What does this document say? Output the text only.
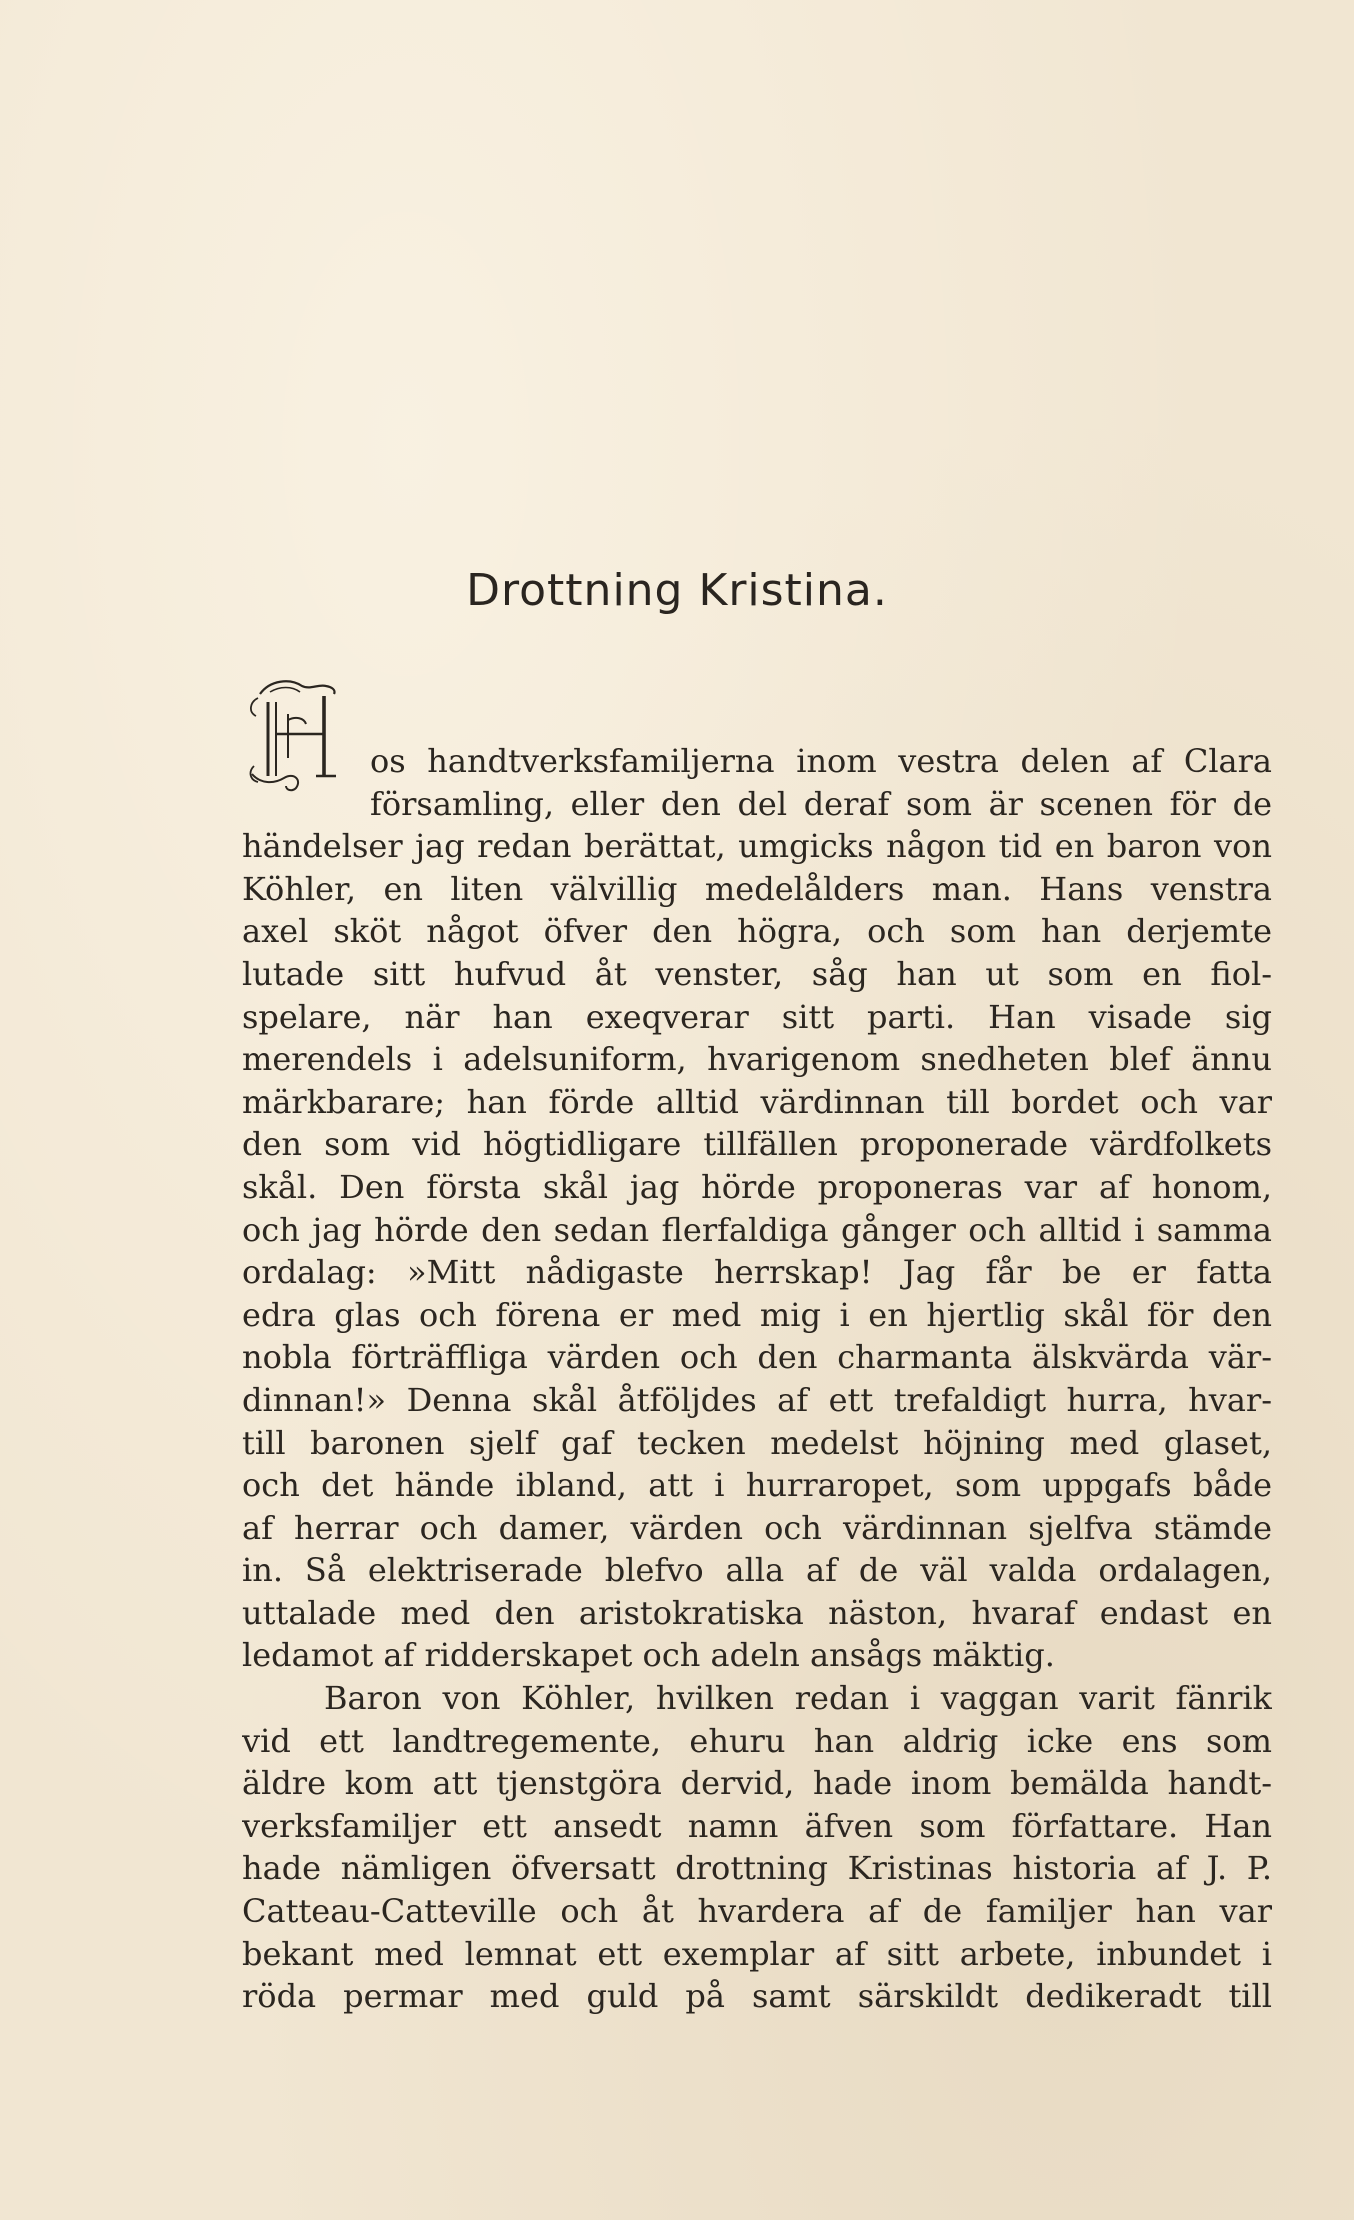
Drottning Kristina.
H
os handtverksfamiljerna inom vestra delen af Clara
församling, eller den del deraf som är scenen för de
händelser jag redan berättat, umgicks någon tid en baron von
Köhler, en liten välvillig medelålders man. Hans venstra
axel sköt något öfver den högra, och som han derjemte
lutade sitt hufvud åt venster, såg han ut som en fiol-
spelare, när han exeqverar sitt parti. Han visade sig
merendels i adelsuniform, hvarigenom snedheten blef ännu
märkbarare; han förde alltid värdinnan till bordet och var
den som vid högtidligare tillfällen proponerade värdfolkets
skål. Den första skål jag hörde proponeras var af honom,
och jag hörde den sedan flerfaldiga gånger och alltid i samma
ordalag: »Mitt nådigaste herrskap! Jag får be er fatta
edra glas och förena er med mig i en hjertlig skål för den
nobla förträffliga värden och den charmanta älskvärda vär-
dinnan!» Denna skål åtföljdes af ett trefaldigt hurra, hvar-
till baronen sjelf gaf tecken medelst höjning med glaset,
och det hände ibland, att i hurraropet, som uppgafs både
af herrar och damer, värden och värdinnan sjelfva stämde
in. Så elektriserade blefvo alla af de väl valda ordalagen,
uttalade med den aristokratiska näston, hvaraf endast en
ledamot af ridderskapet och adeln ansågs mäktig.
Baron von Köhler, hvilken redan i vaggan varit fänrik
vid ett landtregemente, ehuru han aldrig icke ens som
äldre kom att tjenstgöra dervid, hade inom bemälda handt-
verksfamiljer ett ansedt namn äfven som författare. Han
hade nämligen öfversatt drottning Kristinas historia af J. P.
Catteau-Catteville och åt hvardera af de familjer han var
bekant med lemnat ett exemplar af sitt arbete, inbundet i
röda permar med guld på samt särskildt dedikeradt till
